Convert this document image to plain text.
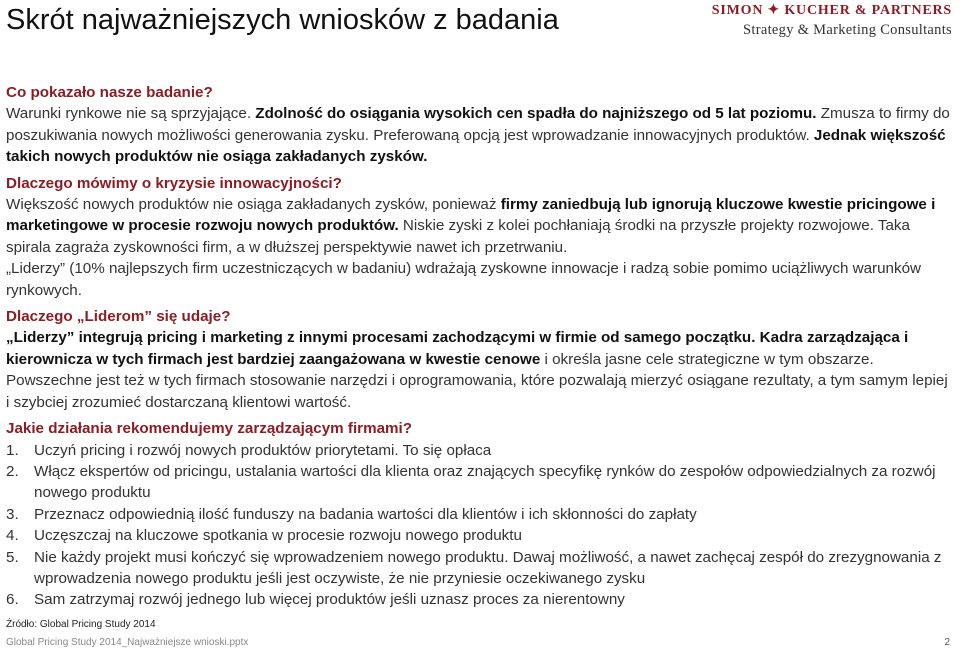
Skrót najważniejszych wniosków z badania	SIMON ✦ KUCHER & PARTNERS
Strategy & Marketing Consultants
Co pokazało nasze badanie?

Warunki rynkowe nie są sprzyjające. Zdolność do osiągania wysokich cen spadła do najniższego od 5 lat poziomu. Zmusza to firmy do poszukiwania nowych możliwości generowania zysku. Preferowaną opcją jest wprowadzanie innowacyjnych produktów. Jednak większość takich nowych produktów nie osiąga zakładanych zysków.

Dlaczego mówimy o kryzysie innowacyjności?

Większość nowych produktów nie osiąga zakładanych zysków, ponieważ firmy zaniedbują lub ignorują kluczowe kwestie pricingowe i marketingowe w procesie rozwoju nowych produktów. Niskie zyski z kolei pochłaniają środki na przyszłe projekty rozwojowe. Taka spirala zagraża zyskowności firm, a w dłuższej perspektywie nawet ich przetrwaniu.

„Liderzy” (10% najlepszych firm uczestniczących w badaniu) wdrażają zyskowne innowacje i radzą sobie pomimo uciążliwych warunków rynkowych.

Dlaczego „Liderom” się udaje?

„Liderzy” integrują pricing i marketing z innymi procesami zachodzącymi w firmie od samego początku. Kadra zarządzająca i kierownicza w tych firmach jest bardziej zaangażowana w kwestie cenowe i określa jasne cele strategiczne w tym obszarze. Powszechne jest też w tych firmach stosowanie narzędzi i oprogramowania, które pozwalają mierzyć osiągane rezultaty, a tym samym lepiej i szybciej zrozumieć dostarczaną klientowi wartość.

Jakie działania rekomendujemy zarządzającym firmami?
1. Uczyń pricing i rozwój nowych produktów priorytetami. To się opłaca
2. Włącz ekspertów od pricingu, ustalania wartości dla klienta oraz znających specyfikę rynków do zespołów odpowiedzialnych za rozwój nowego produktu
3. Przeznacz odpowiednią ilość funduszy na badania wartości dla klientów i ich skłonności do zapłaty
4. Uczęszczaj na kluczowe spotkania w procesie rozwoju nowego produktu
5. Nie każdy projekt musi kończyć się wprowadzeniem nowego produktu. Dawaj możliwość, a nawet zachęcaj zespół do zrezygnowania z wprowadzenia nowego produktu jeśli jest oczywiste, że nie przyniesie oczekiwanego zysku
6. Sam zatrzymaj rozwój jednego lub więcej produktów jeśli uznasz proces za nierentowny
Źródło: Global Pricing Study 2014
Global Pricing Study 2014_Najważniejsze wnioski.pptx	2
